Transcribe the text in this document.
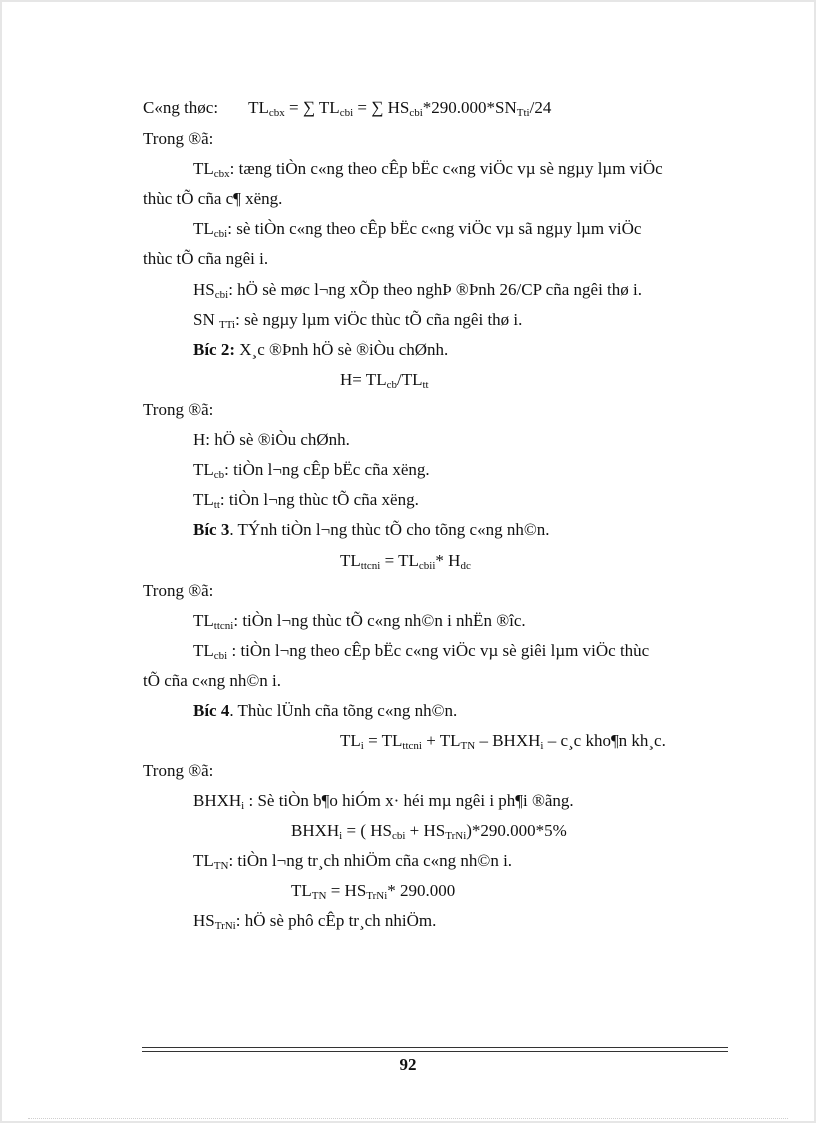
C«ng thøc: $TL_{cbx}$ = ∑ $TL_{cbi}$ = ∑ $HS_{cbi}*290.000*SN_{Tti}/24$
Trong ®ã:
$TL_{cbx}$: tæng tiÒn c«ng theo cÊp bËc c«ng viÖc vµ sè ngµy lµm viÖc
thùc tÕ cña c¶ xëng.
$TL_{cbi}$: sè tiÒn c«ng theo cÊp bËc c«ng viÖc vµ sã ngµy lµm viÖc
thùc tÕ cña ngêi i.
$HS_{cbi}$: hÖ sè møc l¬ng xÕp theo nghÞ ®Þnh 26/CP cña ngêi thø i.
SN $_{TTi}$: sè ngµy lµm viÖc thùc tÕ cña ngêi thø i.
Bíc 2: X¸c ®Þnh hÖ sè ®iÒu chØnh.
$H= TL_{cb}/TL_{tt}$
Trong ®ã:
H: hÖ sè ®iÒu chØnh.
$TL_{cb}$: tiÒn l¬ng cÊp bËc cña xëng.
$TL_{tt}$: tiÒn l¬ng thùc tÕ cña xëng.
Bíc 3. TÝnh tiÒn l¬ng thùc tÕ cho tõng c«ng nh©n.
$TL_{ttcni} = TL_{cbii}*$ $H_{dc}$
Trong ®ã:
$TL_{ttcni}$: tiÒn l¬ng thùc tÕ c«ng nh©n i nhËn ®îc.
$TL_{cbi}$ : tiÒn l¬ng theo cÊp bËc c«ng viÖc vµ sè giêi lµm viÖc thùc
tÕ cña c«ng nh©n i.
Bíc 4. Thùc lÜnh cña tõng c«ng nh©n.
$TL_i = TL_{ttcni} + TL_{TN}$ – $BHXH_i$ – c¸c kho¶n kh¸c.
Trong ®ã:
$BHXH_i$ : Sè tiÒn b¶o hiÓm x· héi mµ ngêi i ph¶i ®ãng.
$BHXH_i$ = ( $HS_{cbi} + HS_{TrNi})*290.000*5\%$
$TL_{TN}$: tiÒn l¬ng tr¸ch nhiÖm cña c«ng nh©n i.
$TL_{TN} = HS_{TrNi}*$ 290.000
$HS_{TrNi}$: hÖ sè phô cÊp tr¸ch nhiÖm.
92
